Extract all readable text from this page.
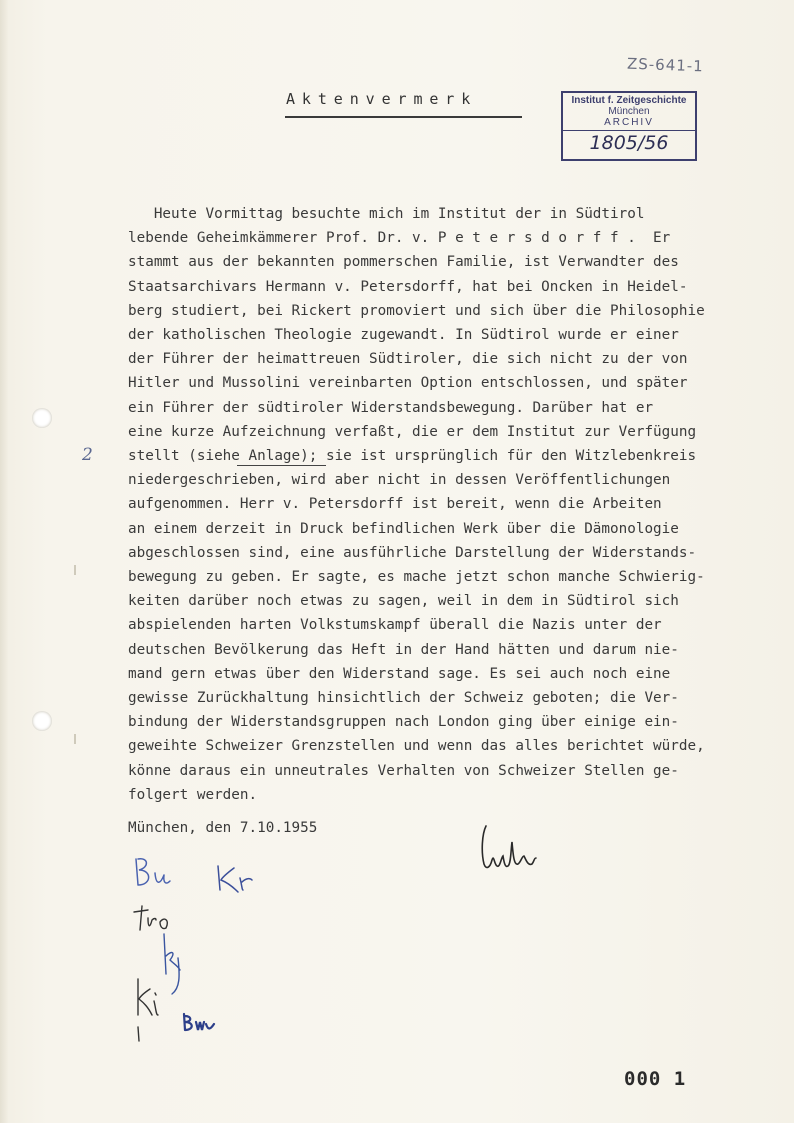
ZS-641-1
Aktenvermerk	Institut f. Zeitgeschichte
München
ARCHIV
1805/56
Heute Vormittag besuchte mich im Institut der in Südtirol
lebende Geheimkämmerer Prof. Dr. v. P e t e r s d o r f f .  Er
stammt aus der bekannten pommerschen Familie, ist Verwandter des
Staatsarchivars Hermann v. Petersdorff, hat bei Oncken in Heidel-
berg studiert, bei Rickert promoviert und sich über die Philosophie
der katholischen Theologie zugewandt. In Südtirol wurde er einer
der Führer der heimattreuen Südtiroler, die sich nicht zu der von
Hitler und Mussolini vereinbarten Option entschlossen, und später
ein Führer der südtiroler Widerstandsbewegung. Darüber hat er
eine kurze Aufzeichnung verfaßt, die er dem Institut zur Verfügung
stellt (siehe Anlage); sie ist ursprünglich für den Witzlebenkreis
niedergeschrieben, wird aber nicht in dessen Veröffentlichungen
aufgenommen. Herr v. Petersdorff ist bereit, wenn die Arbeiten
an einem derzeit in Druck befindlichen Werk über die Dämonologie
abgeschlossen sind, eine ausführliche Darstellung der Widerstands-
bewegung zu geben. Er sagte, es mache jetzt schon manche Schwierig-
keiten darüber noch etwas zu sagen, weil in dem in Südtirol sich
abspielenden harten Volkstumskampf überall die Nazis unter der
deutschen Bevölkerung das Heft in der Hand hätten und darum nie-
mand gern etwas über den Widerstand sage. Es sei auch noch eine
gewisse Zurückhaltung hinsichtlich der Schweiz geboten; die Ver-
bindung der Widerstandsgruppen nach London ging über einige ein-
geweihte Schweizer Grenzstellen und wenn das alles berichtet würde,
könne daraus ein unneutrales Verhalten von Schweizer Stellen ge-
folgert werden.
2
München, den 7.10.1955
000 1
